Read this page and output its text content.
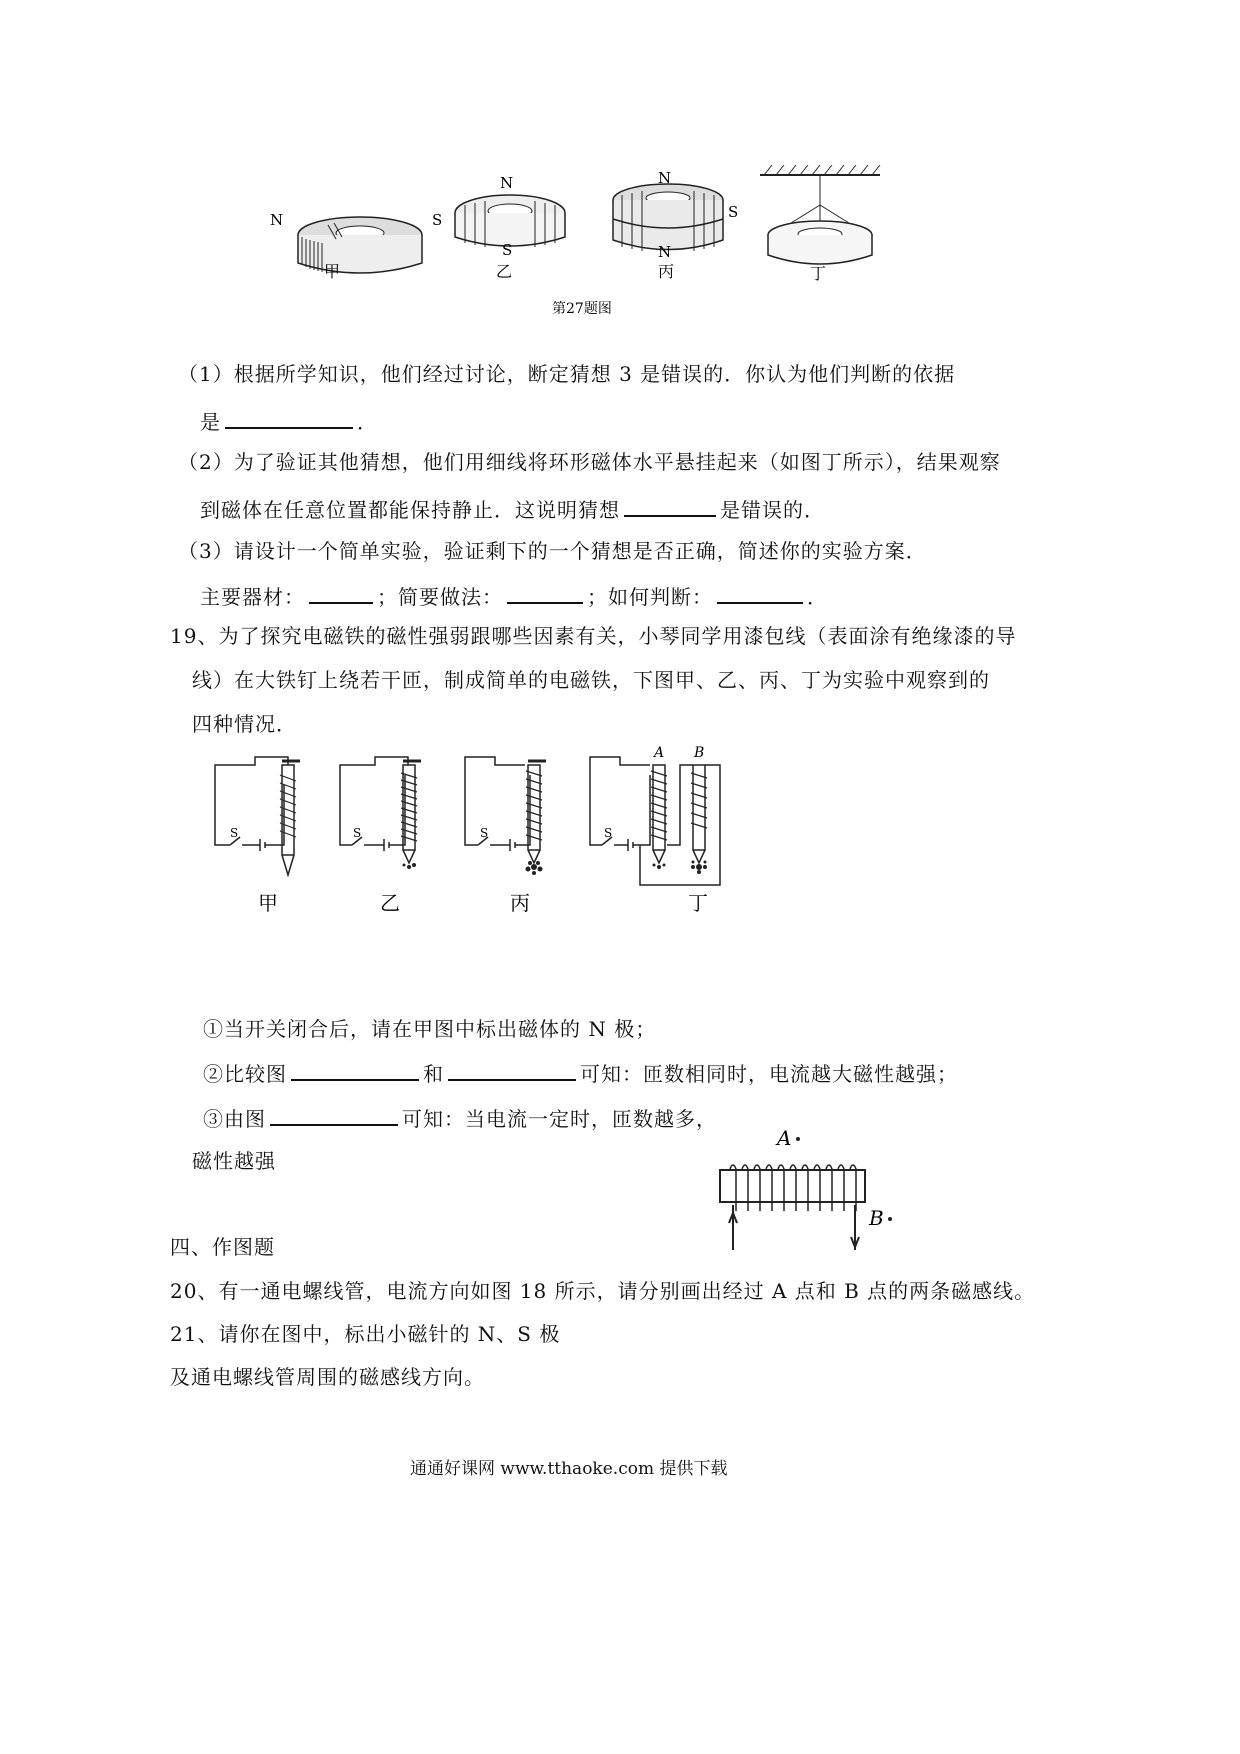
N	S
N
S
N
S
N
甲	乙	丙	丁
第27题图
（1）根据所学知识，他们经过讨论，断定猜想 3 是错误的．你认为他们判断的依据
是	．
（2）为了验证其他猜想，他们用细线将环形磁体水平悬挂起来（如图丁所示），结果观察
到磁体在任意位置都能保持静止．这说明猜想	是错误的．
（3）请设计一个简单实验，验证剩下的一个猜想是否正确，简述你的实验方案．
主要器材：	；简要做法：	；如何判断：	．
19、为了探究电磁铁的磁性强弱跟哪些因素有关，小琴同学用漆包线（表面涂有绝缘漆的导
线）在大铁钉上绕若干匝，制成简单的电磁铁，下图甲、乙、丙、丁为实验中观察到的
四种情况．
S	S	S	S
A B
甲	乙	丙	丁
①当开关闭合后，请在甲图中标出磁体的 N 极；
②比较图	和	可知：匝数相同时，电流越大磁性越强；
③由图	可知：当电流一定时，匝数越多，
磁性越强
A
B
四、作图题
20、有一通电螺线管，电流方向如图 18 所示，请分别画出经过 A 点和 B 点的两条磁感线。
21、请你在图中，标出小磁针的 N、S 极
及通电螺线管周围的磁感线方向。
通通好课网 www.tthaoke.com 提供下载
